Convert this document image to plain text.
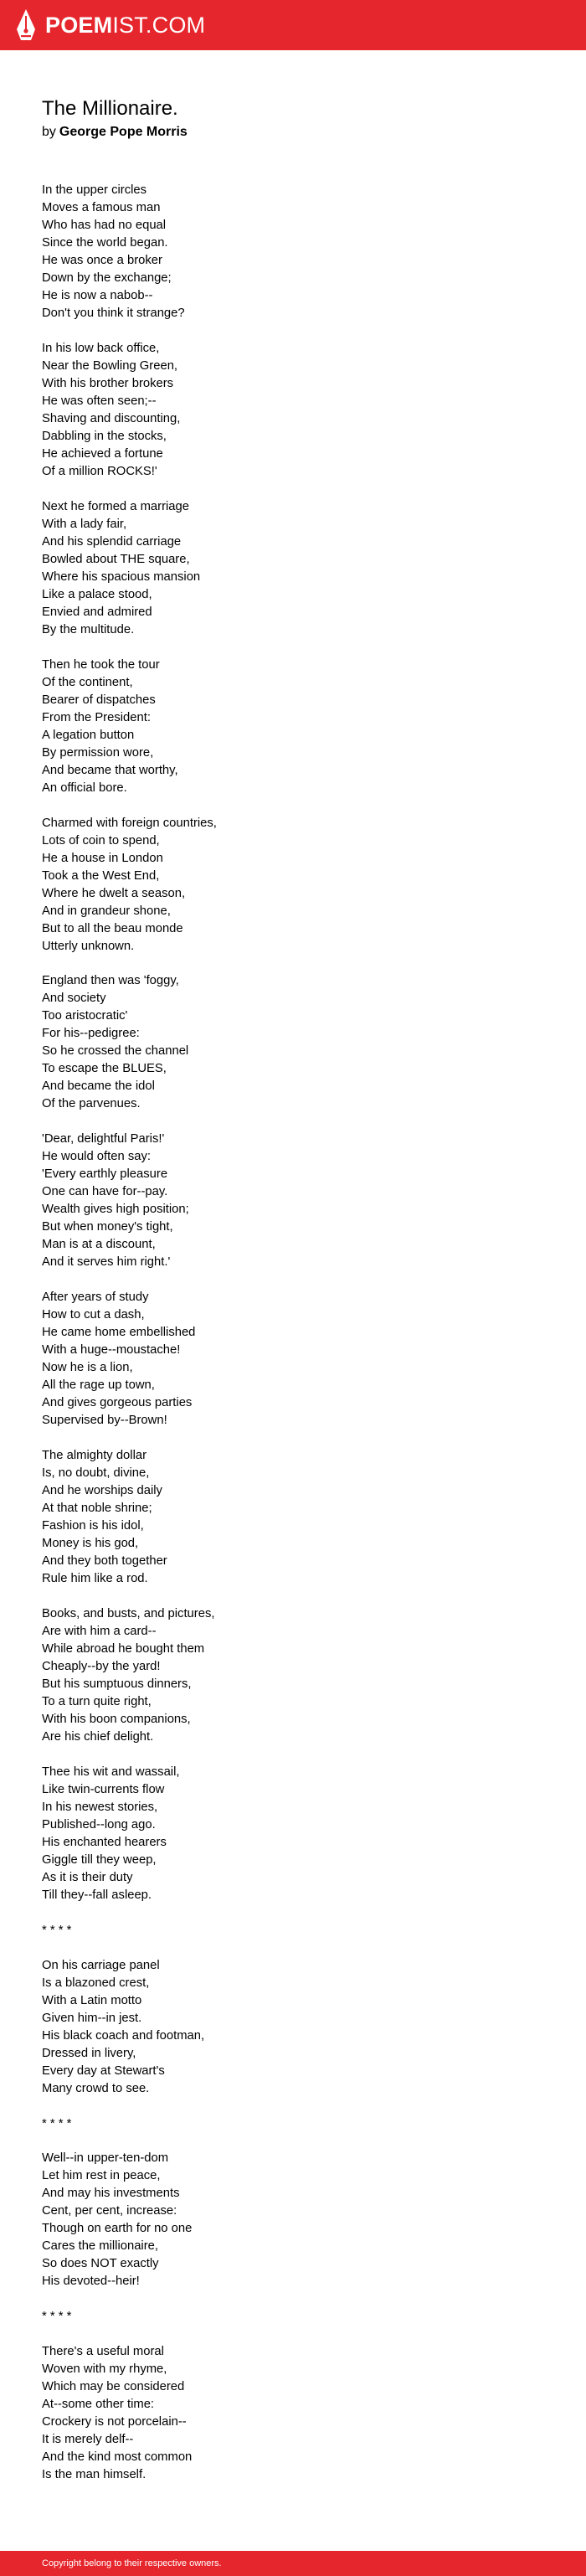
POEMIST.COM
The Millionaire.
by George Pope Morris
In the upper circles
Moves a famous man
Who has had no equal
Since the world began.
He was once a broker
Down by the exchange;
He is now a nabob--
Don't you think it strange?
In his low back office,
Near the Bowling Green,
With his brother brokers
He was often seen;--
Shaving and discounting,
Dabbling in the stocks,
He achieved a fortune
Of a million ROCKS!'
Next he formed a marriage
With a lady fair,
And his splendid carriage
Bowled about THE square,
Where his spacious mansion
Like a palace stood,
Envied and admired
By the multitude.
Then he took the tour
Of the continent,
Bearer of dispatches
From the President:
A legation button
By permission wore,
And became that worthy,
An official bore.
Charmed with foreign countries,
Lots of coin to spend,
He a house in London
Took a the West End,
Where he dwelt a season,
And in grandeur shone,
But to all the beau monde
Utterly unknown.
England then was 'foggy,
And society
Too aristocratic'
For his--pedigree:
So he crossed the channel
To escape the BLUES,
And became the idol
Of the parvenues.
'Dear, delightful Paris!'
He would often say:
'Every earthly pleasure
One can have for--pay.
Wealth gives high position;
But when money's tight,
Man is at a discount,
And it serves him right.'
After years of study
How to cut a dash,
He came home embellished
With a huge--moustache!
Now he is a lion,
All the rage up town,
And gives gorgeous parties
Supervised by--Brown!
The almighty dollar
Is, no doubt, divine,
And he worships daily
At that noble shrine;
Fashion is his idol,
Money is his god,
And they both together
Rule him like a rod.
Books, and busts, and pictures,
Are with him a card--
While abroad he bought them
Cheaply--by the yard!
But his sumptuous dinners,
To a turn quite right,
With his boon companions,
Are his chief delight.
Thee his wit and wassail,
Like twin-currents flow
In his newest stories,
Published--long ago.
His enchanted hearers
Giggle till they weep,
As it is their duty
Till they--fall asleep.
* * * *
On his carriage panel
Is a blazoned crest,
With a Latin motto
Given him--in jest.
His black coach and footman,
Dressed in livery,
Every day at Stewart's
Many crowd to see.
* * * *
Well--in upper-ten-dom
Let him rest in peace,
And may his investments
Cent, per cent, increase:
Though on earth for no one
Cares the millionaire,
So does NOT exactly
His devoted--heir!
* * * *
There's a useful moral
Woven with my rhyme,
Which may be considered
At--some other time:
Crockery is not porcelain--
It is merely delf--
And the kind most common
Is the man himself.
Copyright belong to their respective owners.
